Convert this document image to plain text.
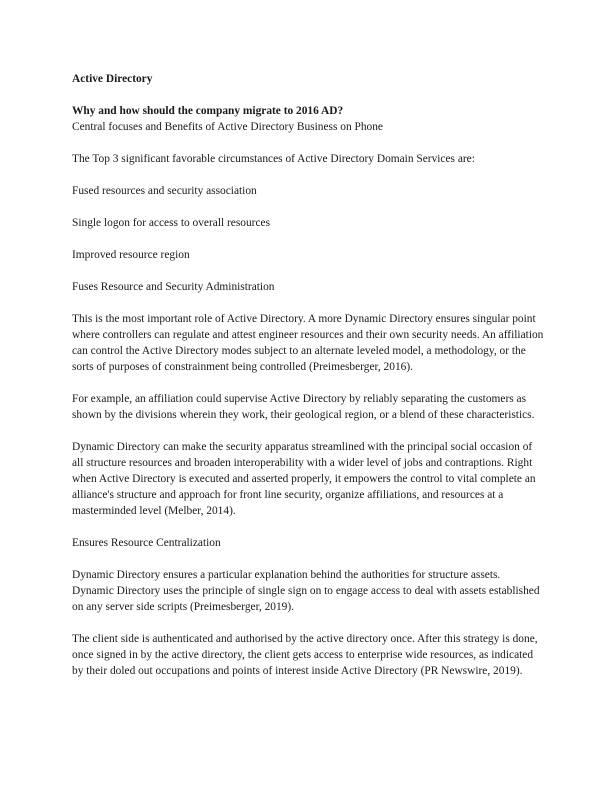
Active Directory

Why and how should the company migrate to 2016 AD?

Central focuses and Benefits of Active Directory Business on Phone

The Top 3 significant favorable circumstances of Active Directory Domain Services are:

Fused resources and security association

Single logon for access to overall resources

Improved resource region

Fuses Resource and Security Administration

This is the most important role of Active Directory. A more Dynamic Directory ensures singular point where controllers can regulate and attest engineer resources and their own security needs. An affiliation can control the Active Directory modes subject to an alternate leveled model, a methodology, or the sorts of purposes of constrainment being controlled (Preimesberger, 2016).

For example, an affiliation could supervise Active Directory by reliably separating the customers as shown by the divisions wherein they work, their geological region, or a blend of these characteristics.

Dynamic Directory can make the security apparatus streamlined with the principal social occasion of all structure resources and broaden interoperability with a wider level of jobs and contraptions. Right when Active Directory is executed and asserted properly, it empowers the control to vital complete an alliance's structure and approach for front line security, organize affiliations, and resources at a masterminded level (Melber, 2014).

Ensures Resource Centralization

Dynamic Directory ensures a particular explanation behind the authorities for structure assets. Dynamic Directory uses the principle of single sign on to engage access to deal with assets established on any server side scripts (Preimesberger, 2019).

The client side is authenticated and authorised by the active directory once. After this strategy is done, once signed in by the active directory, the client gets access to enterprise wide resources, as indicated by their doled out occupations and points of interest inside Active Directory (PR Newswire, 2019).
